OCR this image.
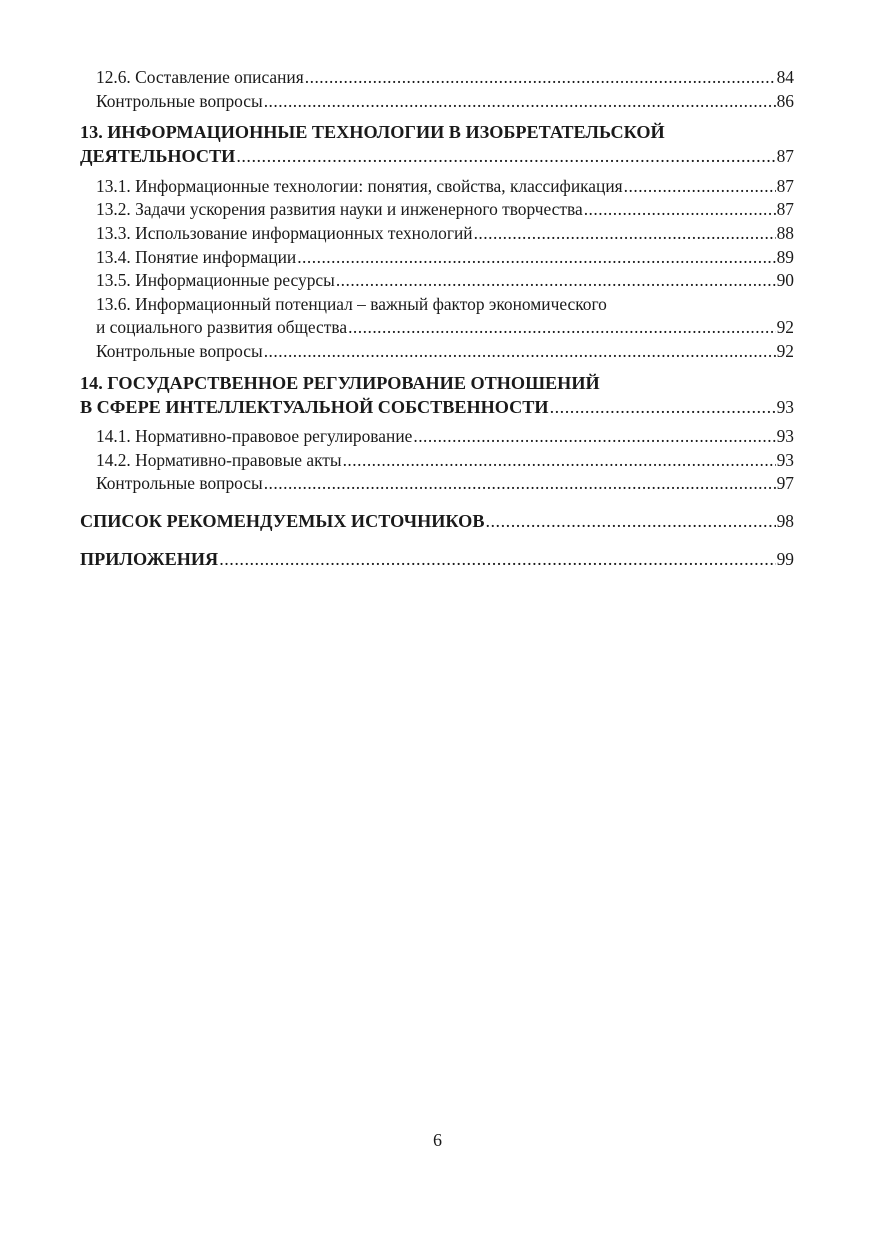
12.6. Составление описания .....	84
Контрольные вопросы .....	86
13. ИНФОРМАЦИОННЫЕ ТЕХНОЛОГИИ В ИЗОБРЕТАТЕЛЬСКОЙ
ДЕЯТЕЛЬНОСТИ .....	87
13.1. Информационные технологии: понятия, свойства, классификация .....	87
13.2. Задачи ускорения развития науки и инженерного творчества .....	87
13.3. Использование информационных технологий .....	88
13.4. Понятие информации .....	89
13.5. Информационные ресурсы .....	90
13.6. Информационный потенциал – важный фактор экономического
и социального развития общества .....	92
Контрольные вопросы .....	92
14. ГОСУДАРСТВЕННОЕ РЕГУЛИРОВАНИЕ ОТНОШЕНИЙ
В СФЕРЕ ИНТЕЛЛЕКТУАЛЬНОЙ СОБСТВЕННОСТИ .....	93
14.1. Нормативно-правовое регулирование .....	93
14.2. Нормативно-правовые акты .....	93
Контрольные вопросы .....	97
СПИСОК РЕКОМЕНДУЕМЫХ ИСТОЧНИКОВ .....	98
ПРИЛОЖЕНИЯ .....	99
6
